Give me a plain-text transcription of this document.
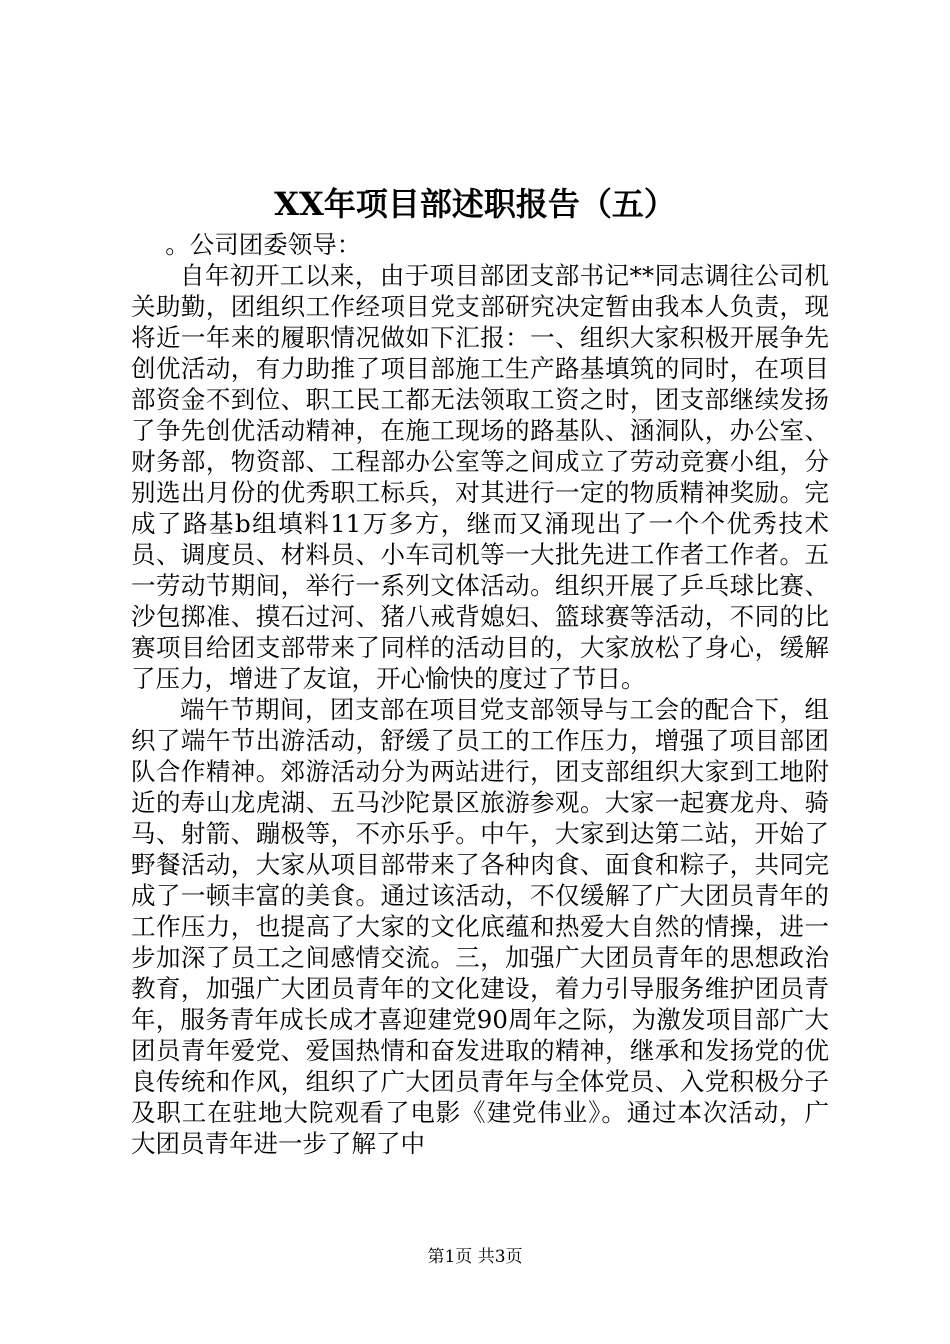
XX年项目部述职报告（五）

。公司团委领导：

自年初开工以来，由于项目部团支部书记**同志调往公司机关助勤，团组织工作经项目党支部研究决定暂由我本人负责，现将近一年来的履职情况做如下汇报：一、组织大家积极开展争先创优活动，有力助推了项目部施工生产路基填筑的同时，在项目部资金不到位、职工民工都无法领取工资之时，团支部继续发扬了争先创优活动精神，在施工现场的路基队、涵洞队，办公室、财务部，物资部、工程部办公室等之间成立了劳动竞赛小组，分别选出月份的优秀职工标兵，对其进行一定的物质精神奖励。完成了路基b组填料11万多方，继而又涌现出了一个个优秀技术员、调度员、材料员、小车司机等一大批先进工作者工作者。五一劳动节期间，举行一系列文体活动。组织开展了乒乓球比赛、沙包掷准、摸石过河、猪八戒背媳妇、篮球赛等活动，不同的比赛项目给团支部带来了同样的活动目的，大家放松了身心，缓解了压力，增进了友谊，开心愉快的度过了节日。

端午节期间，团支部在项目党支部领导与工会的配合下，组织了端午节出游活动，舒缓了员工的工作压力，增强了项目部团队合作精神。郊游活动分为两站进行，团支部组织大家到工地附近的寿山龙虎湖、五马沙陀景区旅游参观。大家一起赛龙舟、骑马、射箭、蹦极等，不亦乐乎。中午，大家到达第二站，开始了野餐活动，大家从项目部带来了各种肉食、面食和粽子，共同完成了一顿丰富的美食。通过该活动，不仅缓解了广大团员青年的工作压力，也提高了大家的文化底蕴和热爱大自然的情操，进一步加深了员工之间感情交流。三，加强广大团员青年的思想政治教育，加强广大团员青年的文化建设，着力引导服务维护团员青年，服务青年成长成才喜迎建党90周年之际，为激发项目部广大团员青年爱党、爱国热情和奋发进取的精神，继承和发扬党的优良传统和作风，组织了广大团员青年与全体党员、入党积极分子及职工在驻地大院观看了电影《建党伟业》。通过本次活动，广大团员青年进一步了解了中

第1页 共3页
